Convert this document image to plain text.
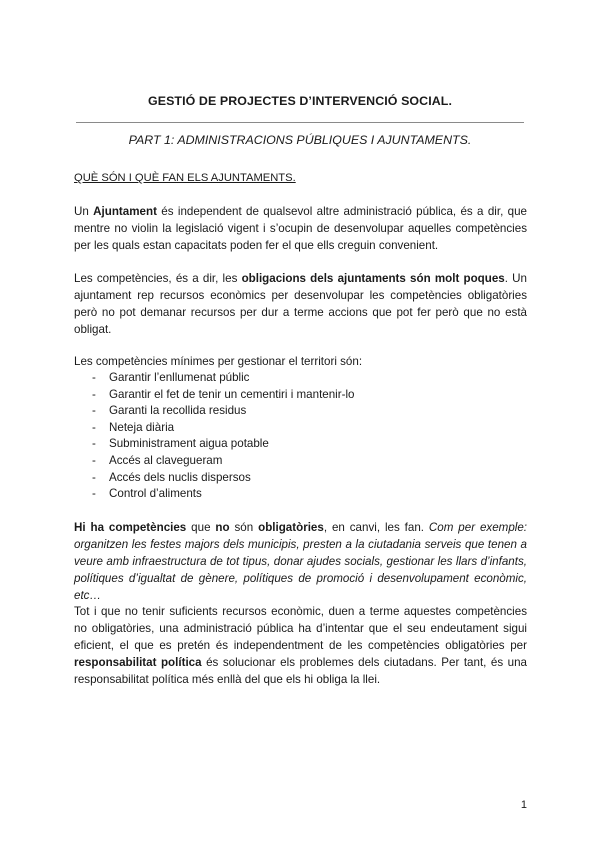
GESTIÓ DE PROJECTES D’INTERVENCIÓ SOCIAL.
PART 1: ADMINISTRACIONS PÚBLIQUES I AJUNTAMENTS.
QUÈ SÓN I QUÈ FAN ELS AJUNTAMENTS.
Un Ajuntament és independent de qualsevol altre administració pública, és a dir, que mentre no violin la legislació vigent i s’ocupin de desenvolupar aquelles competències per les quals estan capacitats poden fer el que ells creguin convenient.
Les competències, és a dir, les obligacions dels ajuntaments són molt poques. Un ajuntament rep recursos econòmics per desenvolupar les competències obligatòries però no pot demanar recursos per dur a terme accions que pot fer però que no està obligat.
Les competències mínimes per gestionar el territori són:
- Garantir l’enllumenat públic
- Garantir el fet de tenir un cementiri i mantenir-lo
- Garanti la recollida residus
- Neteja diària
- Subministrament aigua potable
- Accés al clavegueram
- Accés dels nuclis dispersos
- Control d’aliments
Hi ha competències que no són obligatòries, en canvi, les fan. Com per exemple: organitzen les festes majors dels municipis, presten a la ciutadania serveis que tenen a veure amb infraestructura de tot tipus, donar ajudes socials, gestionar les llars d’infants, polítiques d’igualtat de gènere, polítiques de promoció i desenvolupament econòmic, etc…
Tot i que no tenir suficients recursos econòmic, duen a terme aquestes competències no obligatòries, una administració pública ha d’intentar que el seu endeutament sigui eficient, el que es pretén és independentment de les competències obligatòries per responsabilitat política és solucionar els problemes dels ciutadans. Per tant, és una responsabilitat política més enllà del que els hi obliga la llei.
1
